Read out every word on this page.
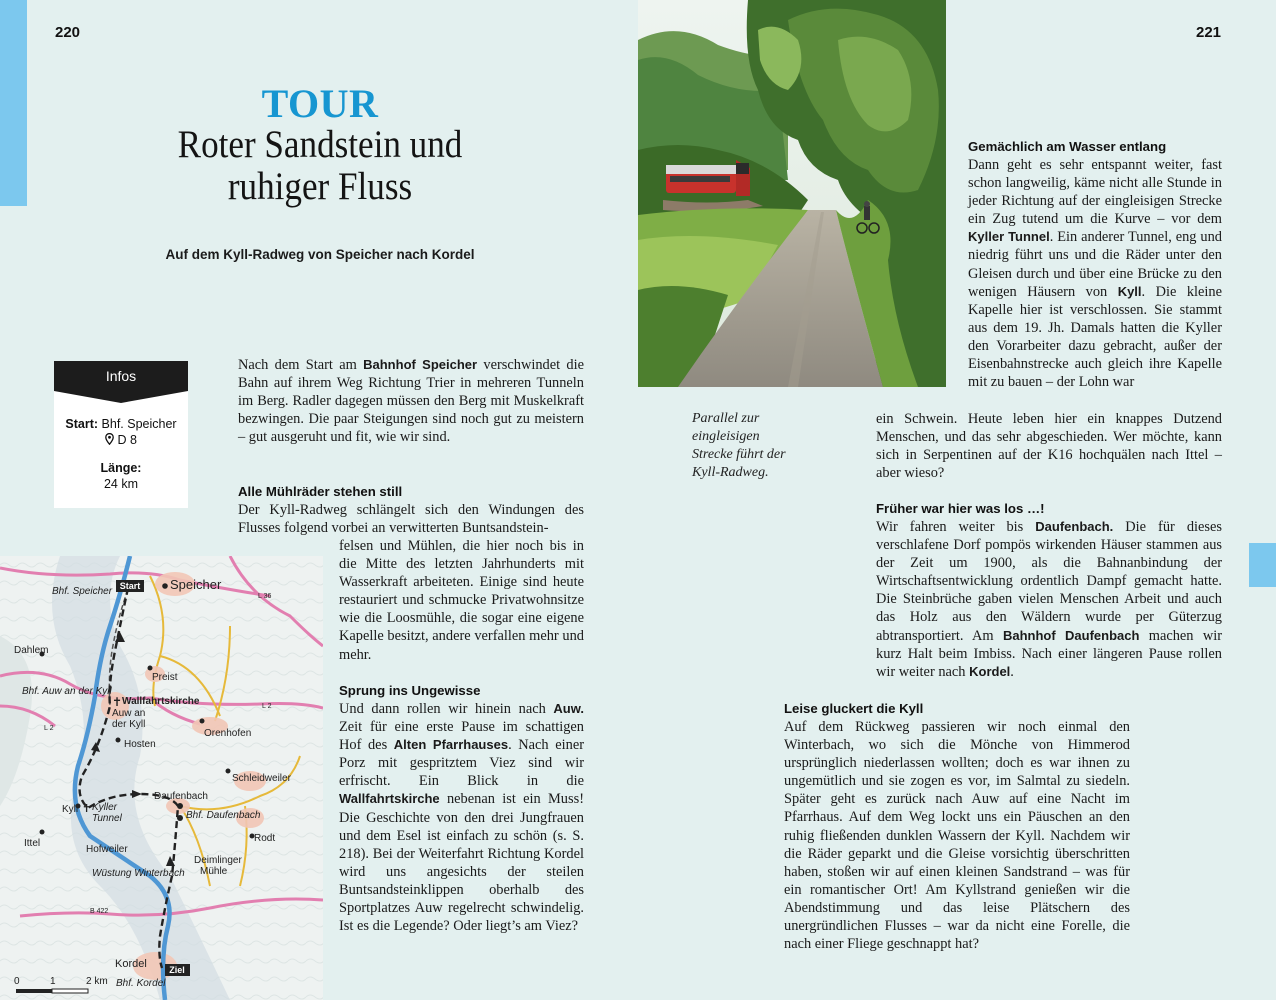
220	221
TOUR
Roter Sandstein und
ruhiger Fluss
Auf dem Kyll-Radweg von Speicher nach Kordel
Infos
Start: Bhf. Speicher
D 8
Länge:
24 km
Parallel zur
eingleisigen
Strecke führt der
Kyll-Radweg.
Nach dem Start am Bahnhof Speicher verschwindet die Bahn auf ihrem Weg Richtung Trier in mehreren Tunneln im Berg. Radler dagegen müssen den Berg mit Muskelkraft bezwingen. Die paar Steigungen sind noch gut zu meistern – gut ausgeruht und fit, wie wir sind.
Alle Mühlräder stehen still
Der Kyll-Radweg schlängelt sich den Windungen des Flusses folgend vorbei an verwitterten Buntsandstein-
felsen und Mühlen, die hier noch bis in die Mitte des letzten Jahrhunderts mit Wasserkraft arbeiteten. Einige sind heute restauriert und schmucke Privatwohnsitze wie die Loosmühle, die sogar eine eigene Kapelle besitzt, andere verfallen mehr und mehr.
Sprung ins Ungewisse
Und dann rollen wir hinein nach Auw. Zeit für eine erste Pause im schattigen Hof des Alten Pfarrhauses. Nach einer Porz mit gespritztem Viez sind wir erfrischt. Ein Blick in die Wallfahrtskirche nebenan ist ein Muss! Die Geschichte von den drei Jungfrauen und dem Esel ist einfach zu schön (s. S. 218). Bei der Weiterfahrt Richtung Kordel wird uns angesichts der steilen Buntsandsteinklippen oberhalb des Sportplatzes Auw regelrecht schwindelig. Ist es die Legende? Oder liegt’s am Viez?
Gemächlich am Wasser entlang
Dann geht es sehr entspannt weiter, fast schon langweilig, käme nicht alle Stunde in jeder Richtung auf der eingleisigen Strecke ein Zug tutend um die Kurve – vor dem Kyller Tunnel. Ein anderer Tunnel, eng und niedrig führt uns und die Räder unter den Gleisen durch und über eine Brücke zu den wenigen Häusern von Kyll. Die kleine Kapelle hier ist verschlossen. Sie stammt aus dem 19. Jh. Damals hatten die Kyller den Vorarbeiter dazu gebracht, außer der Eisenbahnstrecke auch gleich ihre Kapelle mit zu bauen – der Lohn war
ein Schwein. Heute leben hier ein knappes Dutzend Menschen, und das sehr abgeschieden. Wer möchte, kann sich in Serpentinen auf der K16 hochquälen nach Ittel – aber wieso?
Früher war hier was los …!
Wir fahren weiter bis Daufenbach. Die für dieses verschlafene Dorf pompös wirkenden Häuser stammen aus der Zeit um 1900, als die Bahnanbindung der Wirtschaftsentwicklung ordentlich Dampf gemacht hatte. Die Steinbrüche gaben vielen Menschen Arbeit und auch das Holz aus den Wäldern wurde per Güterzug abtransportiert. Am Bahnhof Daufenbach machen wir kurz Halt beim Imbiss. Nach einer längeren Pause rollen wir weiter nach Kordel.
Leise gluckert die Kyll
Auf dem Rückweg passieren wir noch einmal den Winterbach, wo sich die Mönche von Himmerod ursprünglich niederlassen wollten; doch es war ihnen zu ungemütlich und sie zogen es vor, im Salmtal zu siedeln. Später geht es zurück nach Auw auf eine Nacht im Pfarrhaus. Auf dem Weg lockt uns ein Päuschen an den ruhig fließenden dunklen Wassern der Kyll. Nachdem wir die Räder geparkt und die Gleise vorsichtig überschritten haben, stoßen wir auf einen kleinen Sandstrand – was für ein romantischer Ort! Am Kyllstrand genießen wir die Abendstimmung und das leise Plätschern des unergründlichen Flusses – war da nicht eine Forelle, die nach einer Fliege geschnappt hat?
Start
Ziel
✝
✝
Bhf. Speicher	Speicher
L 36
Dahlem
Preist
Bhf. Auw an der Kyll
Wallfahrtskirche
Auw an
der Kyll
L 2
L 2
Orenhofen
Hosten
Schleidweiler
Daufenbach
Bhf. Daufenbach
Kyll Kyller
Tunnel
Rodt
Ittel
Hofweiler
Deimlinger
Mühle
Wüstung Winterbach
B 422
Kordel
Bhf. Kordel
0	1	2 km
